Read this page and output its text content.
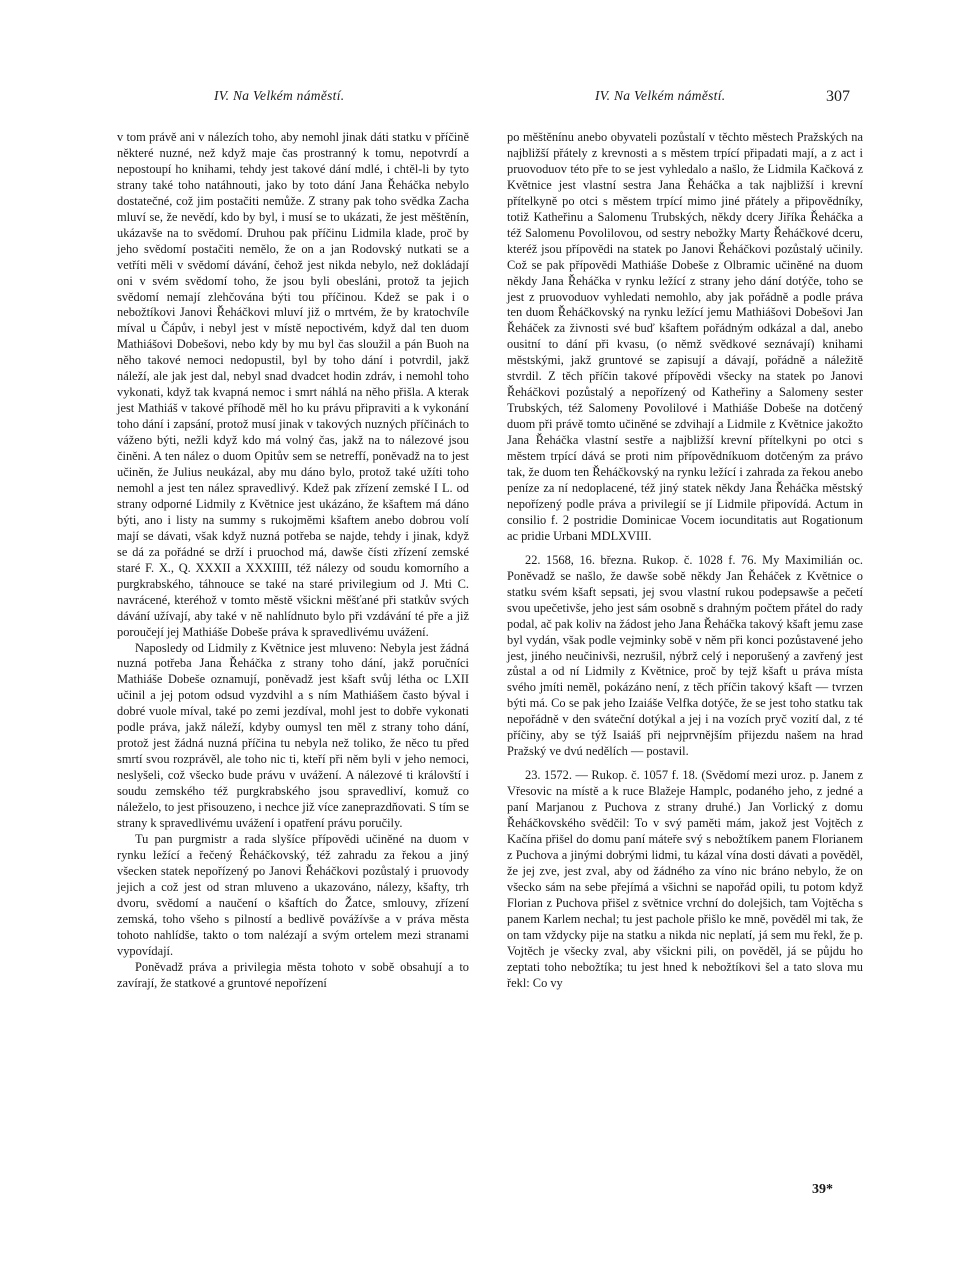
IV. Na Velkém náměstí.	IV. Na Velkém náměstí.	307

v tom právě ani v nálezích toho, aby nemohl jinak dáti statku v příčině některé nuzné, než když maje čas prostranný k tomu, nepotvrdí a nepostoupí ho knihami, tehdy jest takové dání mdlé, i chtěl-li by tyto strany také toho natáhnouti, jako by toto dání Jana Řeháčka nebylo dostatečné, což jim postačiti nemůže. Z strany pak toho svědka Zacha mluví se, že nevědí, kdo by byl, i musí se to ukázati, že jest měštěnín, ukázavše na to svědomí. Druhou pak příčinu Lidmila klade, proč by jeho svědomí postačiti nemělo, že on a jan Rodovský nutkati se a vetříti měli v svědomí dávání, čehož jest nikda nebylo, než dokládají oni v svém svědomí toho, že jsou byli obesláni, protož ta jejich svědomí nemají zlehčována býti tou příčinou. Kdež se pak i o nebožtíkovi Janovi Řeháčkovi mluví již o mrtvém, že by kratochvíle míval u Čápův, i nebyl jest v místě nepoctivém, když dal ten duom Mathiášovi Dobešovi, nebo kdy by mu byl čas sloužil a pán Buoh na něho takové nemoci nedopustil, byl by toho dání i potvrdil, jakž náleží, ale jak jest dal, nebyl snad dvadcet hodin zdráv, i nemohl toho vykonati, když tak kvapná nemoc i smrt náhlá na něho přišla. A kterak jest Mathiáš v takové příhodě měl ho ku právu připraviti a k vykonání toho dání i zapsání, protož musí jinak v takových nuzných příčinách to váženo býti, nežli když kdo má volný čas, jakž na to nálezové jsou činěni. A ten nález o duom Opitův sem se netreffí, poněvadž na to jest učiněn, že Julius neukázal, aby mu dáno bylo, protož také užíti toho nemohl a jest ten nález spravedlivý. Kdež pak zřízení zemské I L. od strany odporné Lidmily z Květnice jest ukázáno, že kšaftem má dáno býti, ano i listy na summy s rukojměmi kšaftem anebo dobrou volí mají se dávati, však když nuzná potřeba se najde, tehdy i jinak, když se dá za pořádné se drží i pruochod má, dawše čísti zřízení zemské staré F. X., Q. XXXII a XXXIIII, též nálezy od soudu komorního a purgkrabského, táhnouce se také na staré privilegium od J. Mti C. navrácené, kteréhož v tomto městě všickni měšťané při statkův svých dávání užívají, aby také v ně nahlídnuto bylo při vzdávání té pře a již poroučejí jej Mathiáše Dobeše práva k spravedlivému uvážení.

Naposledy od Lidmily z Květnice jest mluveno: Nebyla jest žádná nuzná potřeba Jana Řeháčka z strany toho dání, jakž poručníci Mathiáše Dobeše oznamují, poněvadž jest kšaft svůj létha oc LXII učinil a jej potom odsud vyzdvihl a s ním Mathiášem často býval i dobré vuole míval, také po zemi jezdíval, mohl jest to dobře vykonati podle práva, jakž náleží, kdyby oumysl ten měl z strany toho dání, protož jest žádná nuzná příčina tu nebyla než toliko, že něco tu před smrtí svou rozprávěl, ale toho nic ti, kteří při něm byli v jeho nemoci, neslyšeli, což všecko bude právu v uvážení. A nálezové ti královští i soudu zemského též purgkrabského jsou spravedliví, komuž co náleželo, to jest přisouzeno, i nechce již více zaneprazdňovati. S tím se strany k spravedlivému uvážení i opatření právu poručily.

Tu pan purgmistr a rada slyšíce přípovědi učiněné na duom v rynku ležící a řečený Řeháčkovský, též zahradu za řekou a jiný všecken statek nepořízený po Janovi Řeháčkovi pozůstalý i pruovody jejich a což jest od stran mluveno a ukazováno, nálezy, kšafty, trh dvoru, svědomí a naučení o kšaftích do Žatce, smlouvy, zřízení zemská, toho všeho s pilností a bedlivě povážívše a v práva města tohoto nahlídše, takto o tom nalézají a svým ortelem mezi stranami vypovídají.

Poněvadž práva a privilegia města tohoto v sobě obsahují a to zavírají, že statkové a gruntové nepořízení

po měštěnínu anebo obyvateli pozůstalí v těchto městech Pražských na najbližší přátely z krevnosti a s městem trpící připadati mají, a z act i pruovoduov této pře to se jest vyhledalo a našlo, že Lidmila Kačková z Květnice jest vlastní sestra Jana Řeháčka a tak najbližší i krevní přítelkyně po otci s městem trpící mimo jiné přátely a připovědníky, totiž Katheřinu a Salomenu Trubských, někdy dcery Jiříka Řeháčka a též Salomenu Povolilovou, od sestry nebožky Marty Řeháčkové dceru, kteréž jsou přípovědi na statek po Janovi Řeháčkovi pozůstalý učinily. Což se pak přípovědi Mathiáše Dobeše z Olbramic učiněné na duom někdy Jana Řeháčka v rynku ležící z strany jeho dání dotýče, toho se jest z pruovoduov vyhledati nemohlo, aby jak pořádně a podle práva ten duom Řeháčkovský na rynku ležící jemu Mathiášovi Dobešovi Jan Řeháček za živnosti své buď kšaftem pořádným odkázal a dal, anebo ousitní to dání při kvasu, (o němž svědkové seznávají) knihami městskými, jakž gruntové se zapisují a dávají, pořádně a náležitě stvrdil. Z těch příčin takové přípovědi všecky na statek po Janovi Řeháčkovi pozůstalý a nepořízený od Katheřiny a Salomeny sester Trubských, též Salomeny Povolilové i Mathiáše Dobeše na dotčený duom při právě tomto učiněné se zdvihají a Lidmile z Květnice jakožto Jana Řeháčka vlastní sestře a najbližší krevní přítelkyni po otci s městem trpící dává se proti nim přípovědníkuom dotčeným za právo tak, že duom ten Řeháčkovský na rynku ležící i zahrada za řekou anebo peníze za ní nedoplacené, též jiný statek někdy Jana Řeháčka městský nepořízený podle práva a privilegií se jí Lidmile připovídá. Actum in consilio f. 2 postridie Dominicae Vocem iocunditatis aut Rogationum ac pridie Urbani MDLXVIII.

22. 1568, 16. března. Rukop. č. 1028 f. 76. My Maximilián oc. Poněvadž se našlo, že dawše sobě někdy Jan Řeháček z Květnice o statku svém kšaft sepsati, jej svou vlastní rukou podepsawše a pečetí svou upečetivše, jeho jest sám osobně s drahným počtem přátel do rady podal, ač pak koliv na žádost jeho Jana Řeháčka takový kšaft jemu zase byl vydán, však podle vejminky sobě v něm při konci pozůstavené jeho jest, jiného neučinivši, nezrušil, nýbrž celý i neporušený a zavřený jest zůstal a od ní Lidmily z Květnice, proč by tejž kšaft u práva místa svého jmíti neměl, pokázáno není, z těch příčin takový kšaft — tvrzen býti má. Co se pak jeho Izaiáše Velfka dotýče, že se jest toho statku tak nepořádně v den sváteční dotýkal a jej i na vozích pryč vozití dal, z té příčiny, aby se týž Isaiáš při nejprvnějším přijezdu našem na hrad Pražský ve dvú nedělích — postavil.

23. 1572. — Rukop. č. 1057 f. 18. (Svědomí mezi uroz. p. Janem z Vřesovic na místě a k ruce Blažeje Hamplc, podaného jeho, z jedné a paní Marjanou z Puchova z strany druhé.) Jan Vorlický z domu Řeháčkovského svědčil: To v svý paměti mám, jakož jest Vojtěch z Kačína přišel do domu paní máteře svý s nebožtíkem panem Florianem z Puchova a jinými dobrými lidmi, tu kázal vína dosti dávati a pověděl, že jej zve, jest zval, aby od žádného za víno nic bráno nebylo, že on všecko sám na sebe přejímá a všichni se napořád opili, tu potom když Florian z Puchova přišel z světnice vrchní do dolejšich, tam Vojtěcha s panem Karlem nechal; tu jest pachole přišlo ke mně, pověděl mi tak, že on tam vždycky pije na statku a nikda nic neplatí, já sem mu řekl, že p. Vojtěch je všecky zval, aby všickni pili, on pověděl, já se půjdu ho zeptati toho nebožtíka; tu jest hned k nebožtíkovi šel a tato slova mu řekl: Co vy

39*
